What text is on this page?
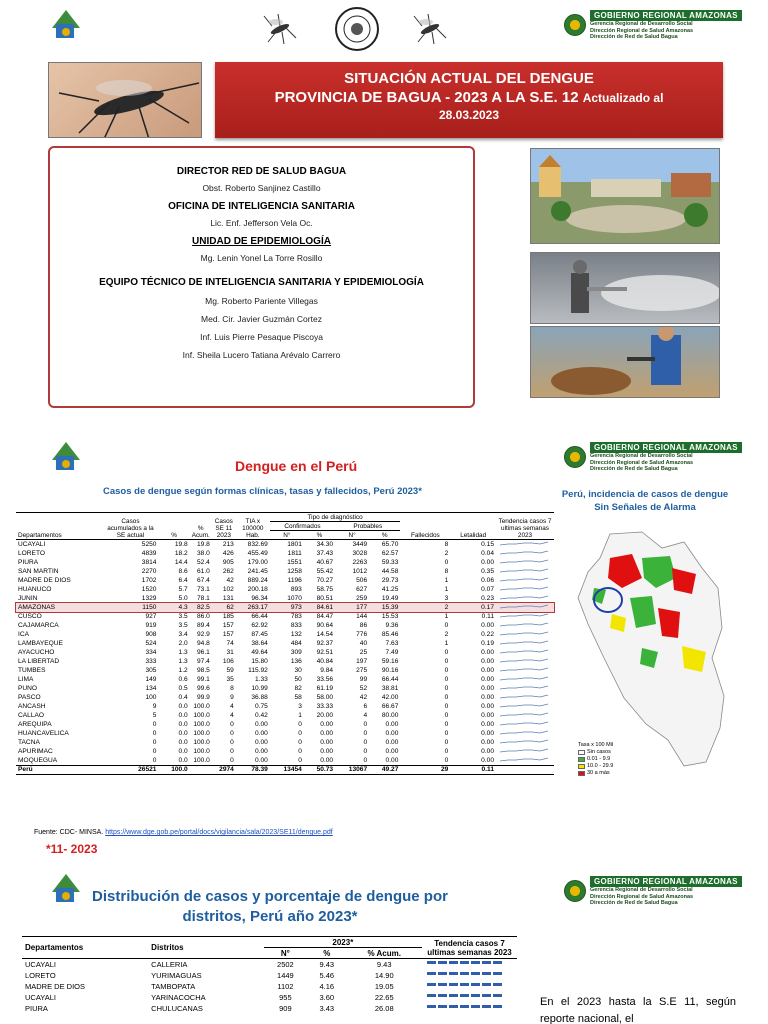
GOBIERNO REGIONAL AMAZONAS
Gerencia Regional de Desarrollo Social
Dirección Regional de Salud Amazonas
Dirección de Red de Salud Bagua
SITUACIÓN ACTUAL DEL DENGUE
PROVINCIA DE BAGUA - 2023 A LA S.E. 12 Actualizado al
28.03.2023
DIRECTOR RED DE SALUD BAGUA
Obst. Roberto Sanjinez Castillo
OFICINA DE INTELIGENCIA SANITARIA
Lic. Enf. Jefferson Vela Oc.
UNIDAD DE EPIDEMIOLOGÍA
Mg. Lenin Yonel La Torre Rosillo
EQUIPO TÉCNICO DE INTELIGENCIA SANITARIA Y EPIDEMIOLOGÍA
Mg. Roberto Pariente Villegas
Med. Cir. Javier Guzmán Cortez
Inf. Luis Pierre Pesaque Piscoya
Inf. Sheila Lucero Tatiana Arévalo Carrero
Dengue en el Perú
Casos de dengue según formas clínicas, tasas y fallecidos, Perú 2023*
GOBIERNO REGIONAL AMAZONAS
Gerencia Regional de Desarrollo Social
Dirección Regional de Salud Amazonas
Dirección de Red de Salud Bagua
Perú, incidencia de casos de dengue Sin Señales de Alarma
Departamentos	Casos acumulados a la SE actual	%	% Acum.	Casos SE 11 2023	TIA x 100000 Hab.	Tipo de diagnóstico				Fallecidos	Letalidad	Tendencia casos 7 ultimas semanas 2023
						Confirmados		Probables				
						N°	%	N°	%			
UCAYALI	5250	19.8	19.8	213	832.69	1801	34.30	3449	65.70	8	0.15	
LORETO	4839	18.2	38.0	426	455.49	1811	37.43	3028	62.57	2	0.04	
PIURA	3814	14.4	52.4	905	179.00	1551	40.67	2263	59.33	0	0.00	
SAN MARTIN	2270	8.6	61.0	262	241.45	1258	55.42	1012	44.58	8	0.35	
MADRE DE DIOS	1702	6.4	67.4	42	889.24	1196	70.27	506	29.73	1	0.06	
HUANUCO	1520	5.7	73.1	102	200.18	893	58.75	627	41.25	1	0.07	
JUNIN	1329	5.0	78.1	131	96.34	1070	80.51	259	19.49	3	0.23	
AMAZONAS	1150	4.3	82.5	62	263.17	973	84.61	177	15.39	2	0.17	
CUSCO	927	3.5	86.0	185	66.44	783	84.47	144	15.53	1	0.11	
CAJAMARCA	919	3.5	89.4	157	62.92	833	90.64	86	9.36	0	0.00	
ICA	908	3.4	92.9	157	87.45	132	14.54	776	85.46	2	0.22	
LAMBAYEQUE	524	2.0	94.8	74	38.64	484	92.37	40	7.63	1	0.19	
AYACUCHO	334	1.3	96.1	31	49.64	309	92.51	25	7.49	0	0.00	
LA LIBERTAD	333	1.3	97.4	106	15.80	136	40.84	197	59.16	0	0.00	
TUMBES	305	1.2	98.5	59	115.92	30	9.84	275	90.16	0	0.00	
LIMA	149	0.6	99.1	35	1.33	50	33.56	99	66.44	0	0.00	
PUNO	134	0.5	99.6	8	10.99	82	61.19	52	38.81	0	0.00	
PASCO	100	0.4	99.9	9	36.88	58	58.00	42	42.00	0	0.00	
ANCASH	9	0.0	100.0	4	0.75	3	33.33	6	66.67	0	0.00	
CALLAO	5	0.0	100.0	4	0.42	1	20.00	4	80.00	0	0.00	
AREQUIPA	0	0.0	100.0	0	0.00	0	0.00	0	0.00	0	0.00	
HUANCAVELICA	0	0.0	100.0	0	0.00	0	0.00	0	0.00	0	0.00	
TACNA	0	0.0	100.0	0	0.00	0	0.00	0	0.00	0	0.00	
APURIMAC	0	0.0	100.0	0	0.00	0	0.00	0	0.00	0	0.00	
MOQUEGUA	0	0.0	100.0	0	0.00	0	0.00	0	0.00	0	0.00	
Perú	26521	100.0		2974	78.39	13454	50.73	13067	49.27	29	0.11	
Tasa x 100 Mil
Sin casos
0.01 - 9.9
10.0 - 29.9
30 a más
Fuente: CDC- MINSA. https://www.dge.gob.pe/portal/docs/vigilancia/sala/2023/SE11/dengue.pdf
*11- 2023
Distribución de casos y porcentaje de dengue por distritos, Perú año 2023*
GOBIERNO REGIONAL AMAZONAS
Gerencia Regional de Desarrollo Social
Dirección Regional de Salud Amazonas
Dirección de Red de Salud Bagua
Departamentos	Distritos	2023*			Tendencia casos 7 ultimas semanas 2023
		N°	%	% Acum.	
UCAYALI	CALLERIA	2502	9.43	9.43	
LORETO	YURIMAGUAS	1449	5.46	14.90	
MADRE DE DIOS	TAMBOPATA	1102	4.16	19.05	
UCAYALI	YARINACOCHA	955	3.60	22.65	
PIURA	CHULUCANAS	909	3.43	26.08		En el 2023 hasta la S.E 11, según reporte nacional, el
